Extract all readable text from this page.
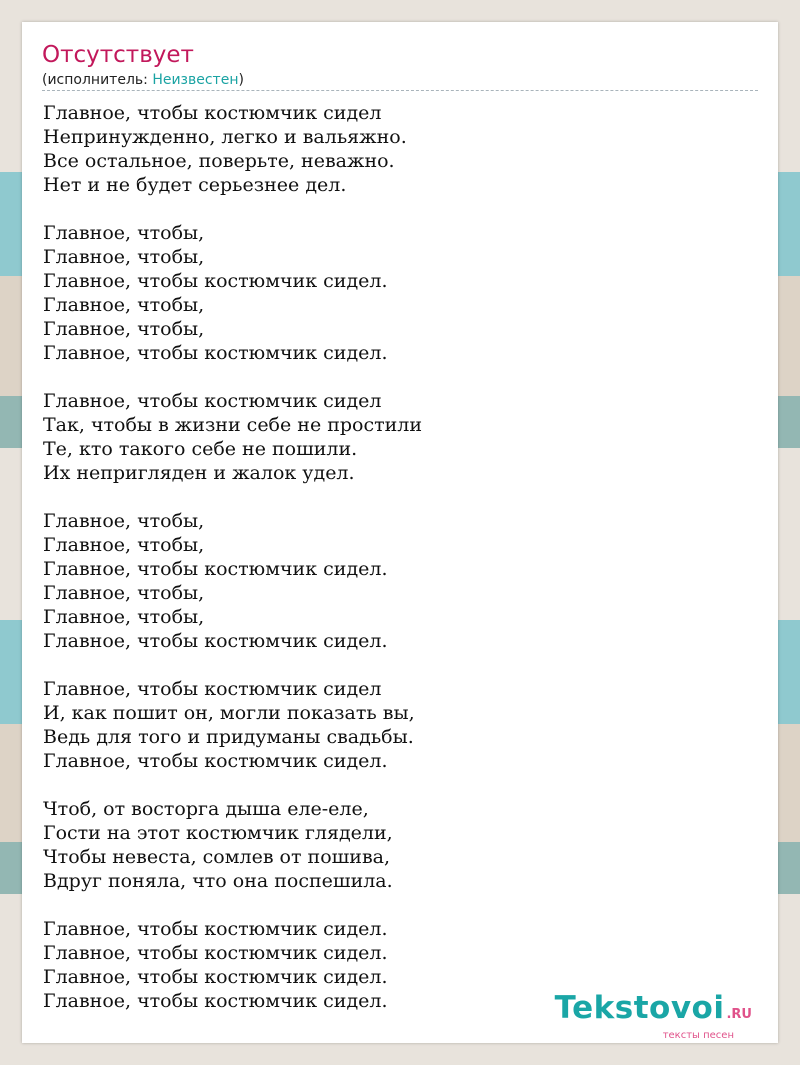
Отсутствует
(исполнитель: Неизвестен)
Главное, чтобы костюмчик сидел
Непринужденно, легко и вальяжно.
Все остальное, поверьте, неважно.
Нет и не будет серьезнее дел.

Главное, чтобы,
Главное, чтобы,
Главное, чтобы костюмчик сидел.
Главное, чтобы,
Главное, чтобы,
Главное, чтобы костюмчик сидел.

Главное, чтобы костюмчик сидел
Так, чтобы в жизни себе не простили
Те, кто такого себе не пошили.
Их непригляден и жалок удел.

Главное, чтобы,
Главное, чтобы,
Главное, чтобы костюмчик сидел.
Главное, чтобы,
Главное, чтобы,
Главное, чтобы костюмчик сидел.

Главное, чтобы костюмчик сидел
И, как пошит он, могли показать вы,
Ведь для того и придуманы свадьбы.
Главное, чтобы костюмчик сидел.

Чтоб, от восторга дыша еле-еле,
Гости на этот костюмчик глядели,
Чтобы невеста, сомлев от пошива,
Вдруг поняла, что она поспешила.

Главное, чтобы костюмчик сидел.
Главное, чтобы костюмчик сидел.
Главное, чтобы костюмчик сидел.
Главное, чтобы костюмчик сидел.	Tekstovoi .RU
тексты песен
